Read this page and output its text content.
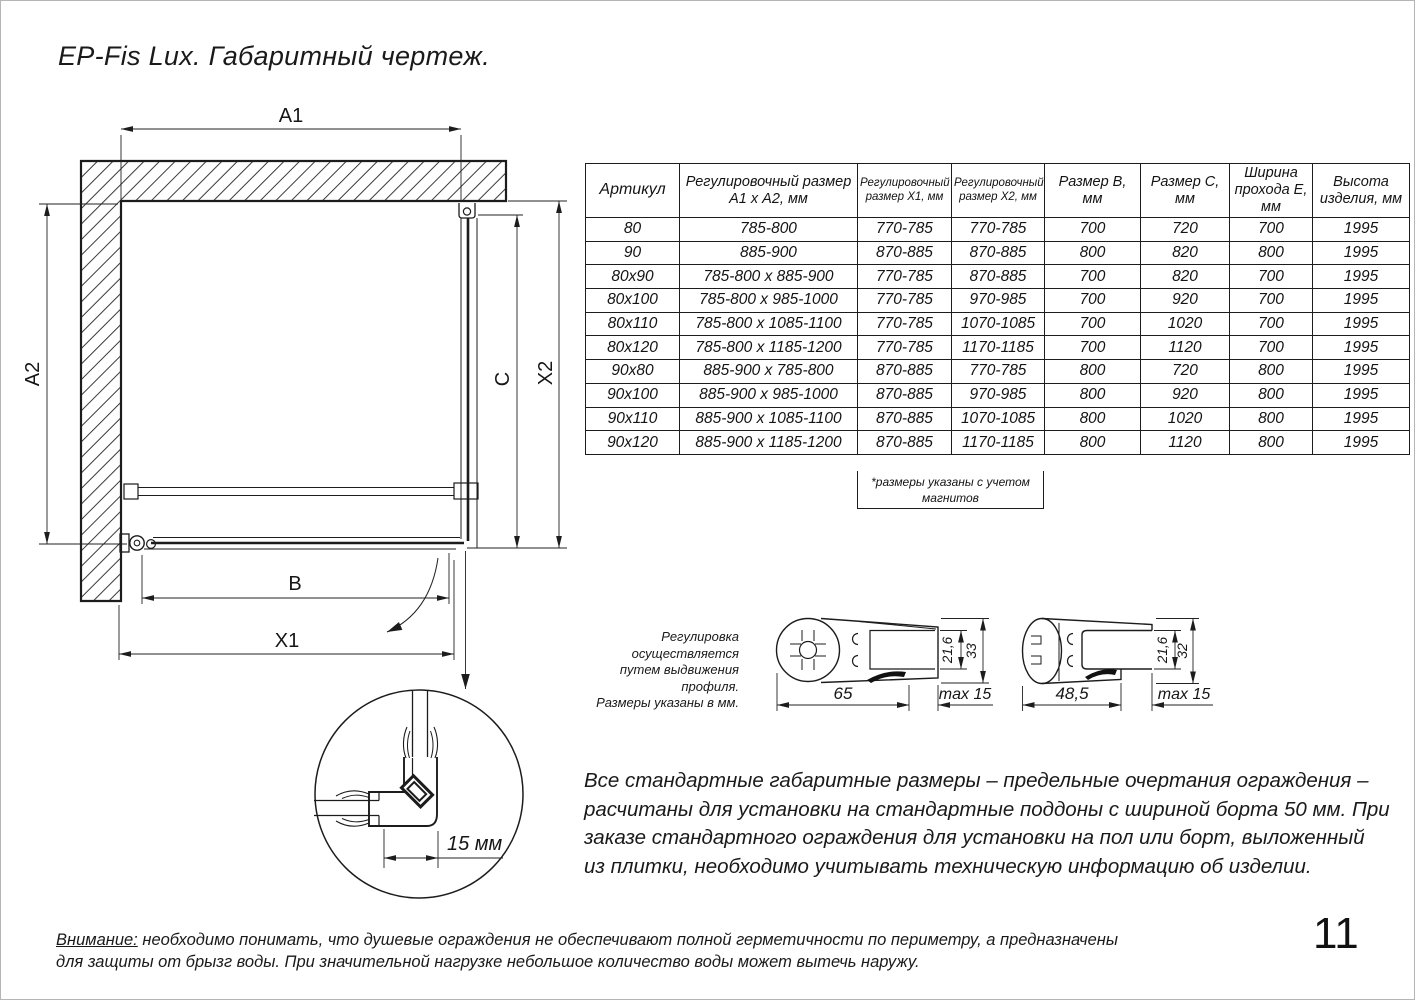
EP-Fis Lux. Габаритный чертеж.
A1
A2
B
X1
C X2
15 мм
65	max 15
21,6 33
48,5	max 15
21,6 32
Артикул	Регулировочный размер А1 х А2, мм	Регулировочный размер Х1, мм	Регулировочный размер Х2, мм	Размер В, мм	Размер С, мм	Ширина прохода Е, мм	Высота изделия, мм
80	785-800	770-785	770-785	700	720	700	1995
90	885-900	870-885	870-885	800	820	800	1995
80х90	785-800 х 885-900	770-785	870-885	700	820	700	1995
80х100	785-800 х 985-1000	770-785	970-985	700	920	700	1995
80х110	785-800 х 1085-1100	770-785	1070-1085	700	1020	700	1995
80х120	785-800 х 1185-1200	770-785	1170-1185	700	1120	700	1995
90х80	885-900 х 785-800	870-885	770-785	800	720	800	1995
90х100	885-900 х 985-1000	870-885	970-985	800	920	800	1995
90х110	885-900 х 1085-1100	870-885	1070-1085	800	1020	800	1995
90х120	885-900 х 1185-1200	870-885	1170-1185	800	1120	800	1995
*размеры указаны с учетом магнитов
Регулировка осуществляется
путем выдвижения профиля.
Размеры указаны в мм.
Все стандартные габаритные размеры – предельные очертания ограждения –
расчитаны для установки на стандартные поддоны с шириной борта 50 мм. При
заказе стандартного ограждения для установки на пол или борт, выложенный
из плитки, необходимо учитывать техническую информацию об изделии.
Внимание: необходимо понимать, что душевые ограждения не обеспечивают полной герметичности по периметру, а предназначены
для защиты от брызг воды. При значительной нагрузке небольшое количество воды может вытечь наружу.
11
